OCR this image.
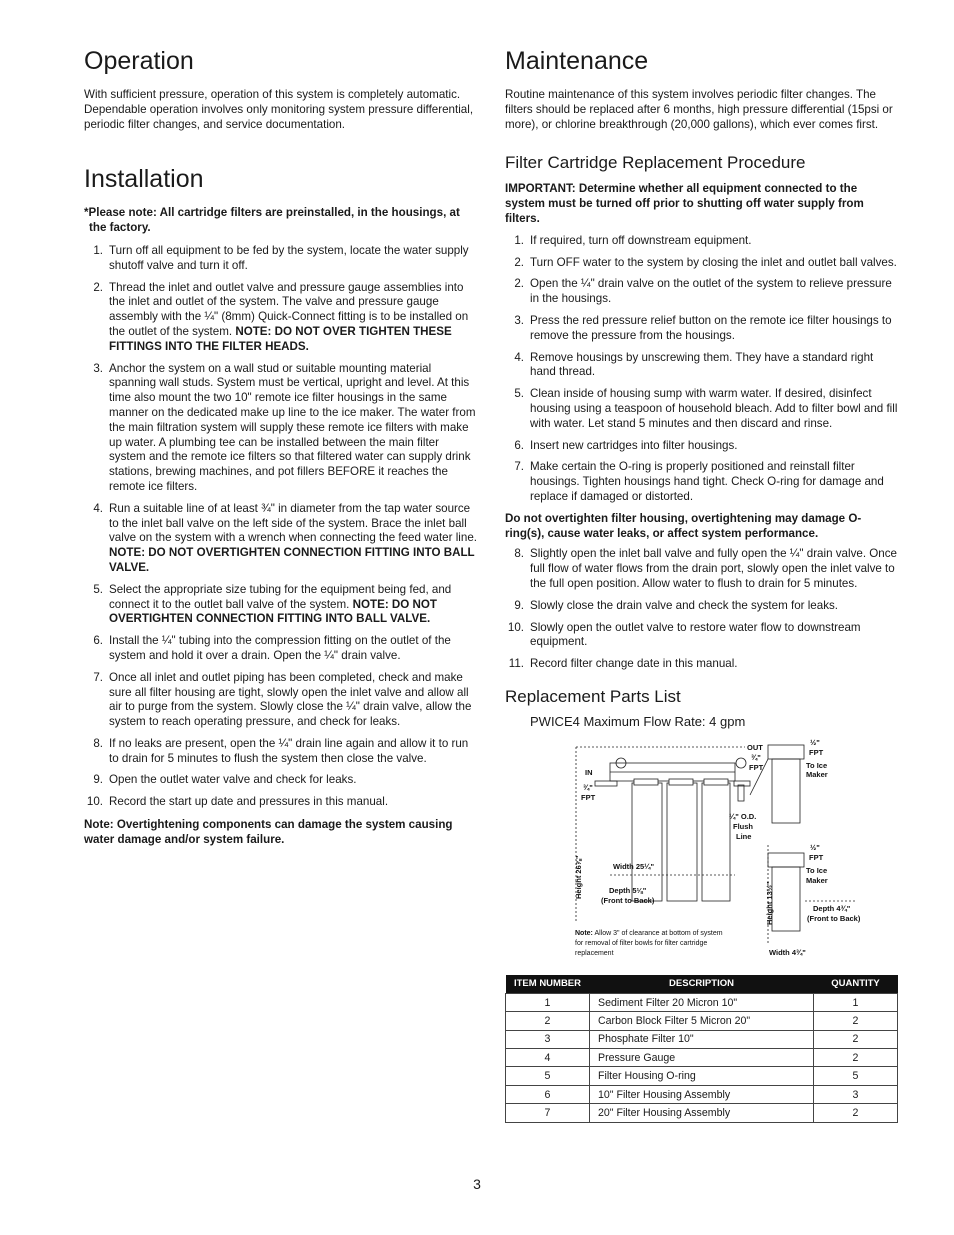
Operation

With sufficient pressure, operation of this system is completely automatic. Dependable operation involves only monitoring system pressure differential, periodic filter changes, and service documentation.

Installation

*Please note: All cartridge filters are preinstalled, in the housings, at the factory.

1. Turn off all equipment to be fed by the system, locate the water supply shutoff valve and turn it off.
2. Thread the inlet and outlet valve and pressure gauge assemblies into the inlet and outlet of the system. The valve and pressure gauge assembly with the ¼" (8mm) Quick-Connect fitting is to be installed on the outlet of the system. NOTE: DO NOT OVER TIGHTEN THESE FITTINGS INTO THE FILTER HEADS.
3. Anchor the system on a wall stud or suitable mounting material spanning wall studs. System must be vertical, upright and level. At this time also mount the two 10" remote ice filter housings in the same manner on the dedicated make up line to the ice maker. The water from the main filtration system will supply these remote ice filters with make up water. A plumbing tee can be installed between the main filter system and the remote ice filters so that filtered water can supply drink stations, brewing machines, and pot fillers BEFORE it reaches the remote ice filters.
4. Run a suitable line of at least ¾" in diameter from the tap water source to the inlet ball valve on the left side of the system. Brace the inlet ball valve on the system with a wrench when connecting the feed water line. NOTE: DO NOT OVERTIGHTEN CONNECTION FITTING INTO BALL VALVE.
5. Select the appropriate size tubing for the equipment being fed, and connect it to the outlet ball valve of the system. NOTE: DO NOT OVERTIGHTEN CONNECTION FITTING INTO BALL VALVE.
6. Install the ¼" tubing into the compression fitting on the outlet of the system and hold it over a drain. Open the ¼" drain valve.
7. Once all inlet and outlet piping has been completed, check and make sure all filter housing are tight, slowly open the inlet valve and allow all air to purge from the system. Slowly close the ¼" drain valve, allow the system to reach operating pressure, and check for leaks.
8. If no leaks are present, open the ¼" drain line again and allow it to run to drain for 5 minutes to flush the system then close the valve.
9. Open the outlet water valve and check for leaks.
10. Record the start up date and pressures in this manual.

Note: Overtightening components can damage the system causing water damage and/or system failure.

Maintenance

Routine maintenance of this system involves periodic filter changes. The filters should be replaced after 6 months, high pressure differential (15psi or more), or chlorine breakthrough (20,000 gallons), which ever comes first.

Filter Cartridge Replacement Procedure

IMPORTANT: Determine whether all equipment connected to the system must be turned off prior to shutting off water supply from filters.

1. If required, turn off downstream equipment.
2. Turn OFF water to the system by closing the inlet and outlet ball valves.
2. Open the ¼" drain valve on the outlet of the system to relieve pressure in the housings.
3. Press the red pressure relief button on the remote ice filter housings to remove the pressure from the housings.
4. Remove housings by unscrewing them. They have a standard right hand thread.
5. Clean inside of housing sump with warm water. If desired, disinfect housing using a teaspoon of household bleach. Add to filter bowl and fill with water. Let stand 5 minutes and then discard and rinse.
6. Insert new cartridges into filter housings.
7. Make certain the O-ring is properly positioned and reinstall filter housings. Tighten housings hand tight. Check O-ring for damage and replace if damaged or distorted.

Do not overtighten filter housing, overtightening may damage O-ring(s), cause water leaks, or affect system performance.

8. Slightly open the inlet ball valve and fully open the ¼" drain valve. Once full flow of water flows from the drain port, slowly open the inlet valve to the full open position. Allow water to flush to drain for 5 minutes.
9. Slowly close the drain valve and check the system for leaks.
10. Slowly open the outlet valve to restore water flow to downstream equipment.
11. Record filter change date in this manual.
Replacement Parts List
PWICE4 Maximum Flow Rate: 4 gpm
IN
¾"
FPT
OUT
¾"
FPT
¼" O.D.
Flush
Line
Width 25¼"
Depth 5⅛"
(Front to Back)
Height 26⅞"
½"
FPT
To Ice
Maker
½"
FPT
To Ice
Maker
Depth 4¾"
(Front to Back)
Height 13½"
Width 4¾"
Note: Allow 3" of clearance at bottom of system
for removal of filter bowls for filter cartridge
replacement
ITEM NUMBER	DESCRIPTION	QUANTITY
1	Sediment Filter 20 Micron 10"	1
2	Carbon Block Filter 5 Micron 20"	2
3	Phosphate Filter 10"	2
4	Pressure Gauge	2
5	Filter Housing O-ring	5
6	10" Filter Housing Assembly	3
7	20" Filter Housing Assembly	2
3
